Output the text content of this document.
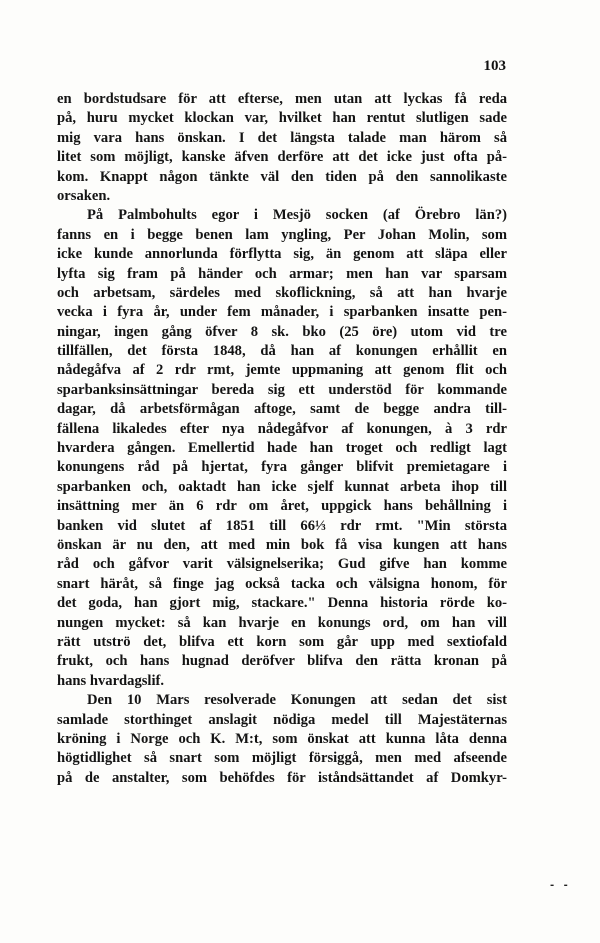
103
en bordstudsare för att efterse, men utan att lyckas få reda
på, huru mycket klockan var, hvilket han rentut slutligen sade
mig vara hans önskan. I det längsta talade man härom så
litet som möjligt, kanske äfven derföre att det icke just ofta på-
kom. Knappt någon tänkte väl den tiden på den sannolikaste
orsaken.
På Palmbohults egor i Mesjö socken (af Örebro län?)
fanns en i begge benen lam yngling, Per Johan Molin, som
icke kunde annorlunda förflytta sig, än genom att släpa eller
lyfta sig fram på händer och armar; men han var sparsam
och arbetsam, särdeles med skoflickning, så att han hvarje
vecka i fyra år, under fem månader, i sparbanken insatte pen-
ningar, ingen gång öfver 8 sk. bko (25 öre) utom vid tre
tillfällen, det första 1848, då han af konungen erhållit en
nådegåfva af 2 rdr rmt, jemte uppmaning att genom flit och
sparbanksinsättningar bereda sig ett understöd för kommande
dagar, då arbetsförmågan aftoge, samt de begge andra till-
fällena likaledes efter nya nådegåfvor af konungen, à 3 rdr
hvardera gången. Emellertid hade han troget och redligt lagt
konungens råd på hjertat, fyra gånger blifvit premietagare i
sparbanken och, oaktadt han icke sjelf kunnat arbeta ihop till
insättning mer än 6 rdr om året, uppgick hans behållning i
banken vid slutet af 1851 till 66⅓ rdr rmt. "Min största
önskan är nu den, att med min bok få visa kungen att hans
råd och gåfvor varit välsignelserika; Gud gifve han komme
snart häråt, så finge jag också tacka och välsigna honom, för
det goda, han gjort mig, stackare." Denna historia rörde ko-
nungen mycket: så kan hvarje en konungs ord, om han vill
rätt utströ det, blifva ett korn som går upp med sextiofald
frukt, och hans hugnad deröfver blifva den rätta kronan på
hans hvardagslif.
Den 10 Mars resolverade Konungen att sedan det sist
samlade storthinget anslagit nödiga medel till Majestäternas
kröning i Norge och K. M:t, som önskat att kunna låta denna
högtidlighet så snart som möjligt försiggå, men med afseende
på de anstalter, som behöfdes för iståndsättandet af Domkyr-
- -
